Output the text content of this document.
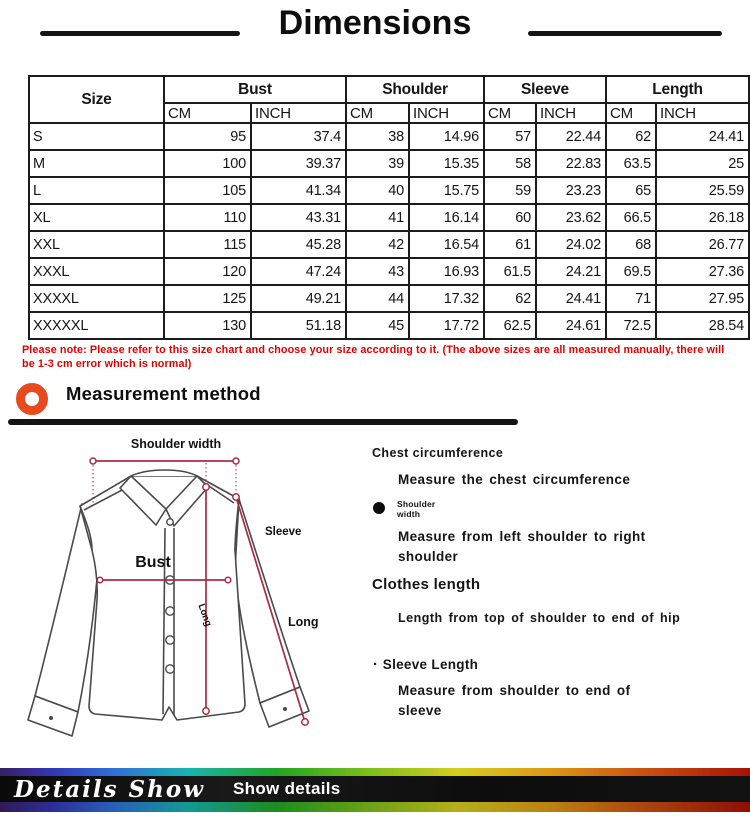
Dimensions
Size	Bust		Shoulder		Sleeve		Length	
	CM	INCH	CM	INCH	CM	INCH	CM	INCH
S	95	37.4	38	14.96	57	22.44	62	24.41
M	100	39.37	39	15.35	58	22.83	63.5	25
L	105	41.34	40	15.75	59	23.23	65	25.59
XL	110	43.31	41	16.14	60	23.62	66.5	26.18
XXL	115	45.28	42	16.54	61	24.02	68	26.77
XXXL	120	47.24	43	16.93	61.5	24.21	69.5	27.36
XXXXL	125	49.21	44	17.32	62	24.41	71	27.95
XXXXXL	130	51.18	45	17.72	62.5	24.61	72.5	28.54

Please note: Please refer to this size chart and choose your size according to it. (The above sizes are all measured manually, there will be 1-3 cm error which is normal)

Measurement method
Shoulder width
Bust
Sleeve
Long	Long
Chest circumference
Measure the chest circumference
Shoulder width
Measure from left shoulder to right shoulder
Clothes length
Length from top of shoulder to end of hip
· Sleeve Length
Measure from shoulder to end of sleeve
Details Show Show details
